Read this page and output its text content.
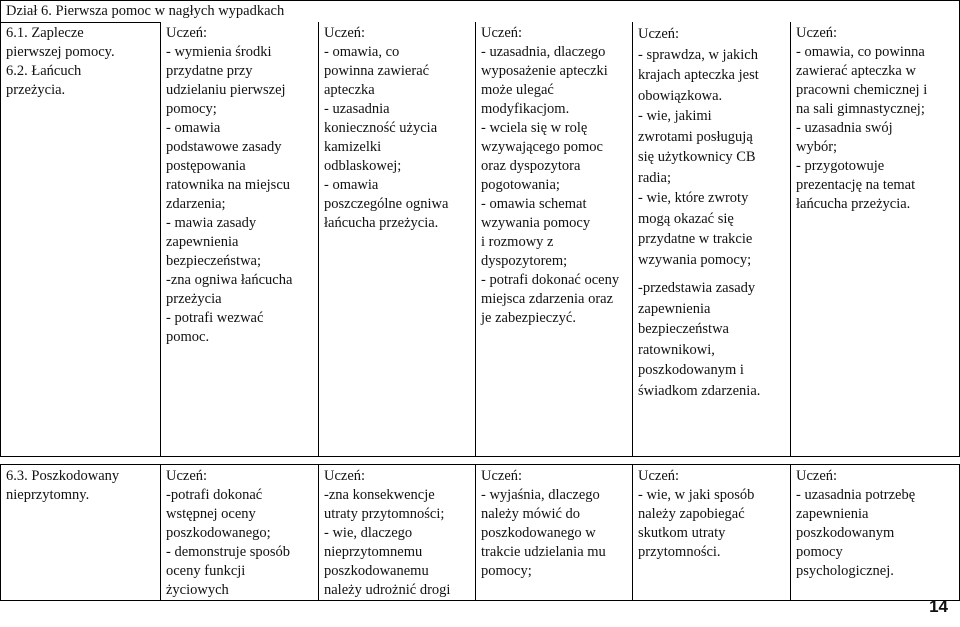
Dział 6. Pierwsza pomoc w nagłych wypadkach
6.1. Zaplecze
pierwszej pomocy.
6.2. Łańcuch
przeżycia.
Uczeń:
- wymienia środki
przydatne przy
udzielaniu pierwszej
pomocy;
- omawia
podstawowe zasady
postępowania
ratownika na miejscu
zdarzenia;
- mawia zasady
zapewnienia
bezpieczeństwa;
-zna ogniwa łańcucha
przeżycia
- potrafi wezwać
pomoc.
Uczeń:
- omawia, co
powinna zawierać
apteczka
- uzasadnia
konieczność użycia
kamizelki
odblaskowej;
- omawia
poszczególne ogniwa
łańcucha przeżycia.
Uczeń:
- uzasadnia, dlaczego
wyposażenie apteczki
może ulegać
modyfikacjom.
- wciela się w rolę
wzywającego pomoc
oraz dyspozytora
pogotowania;
- omawia schemat
wzywania pomocy
i rozmowy z
dyspozytorem;
- potrafi dokonać oceny
miejsca zdarzenia oraz
je zabezpieczyć.
Uczeń:
- sprawdza, w jakich
krajach apteczka jest
obowiązkowa.
- wie, jakimi
zwrotami posługują
się użytkownicy CB
radia;
- wie, które zwroty
mogą okazać się
przydatne w trakcie
wzywania pomocy;
-przedstawia zasady
zapewnienia
bezpieczeństwa
ratownikowi,
poszkodowanym i
świadkom zdarzenia.
Uczeń:
- omawia, co powinna
zawierać apteczka w
pracowni chemicznej i
na sali gimnastycznej;
- uzasadnia swój
wybór;
- przygotowuje
prezentację na temat
łańcucha przeżycia.
6.3. Poszkodowany
nieprzytomny.
Uczeń:
-potrafi dokonać
wstępnej oceny
poszkodowanego;
- demonstruje sposób
oceny funkcji
życiowych
Uczeń:
-zna konsekwencje
utraty przytomności;
- wie, dlaczego
nieprzytomnemu
poszkodowanemu
należy udrożnić drogi
Uczeń:
- wyjaśnia, dlaczego
należy mówić do
poszkodowanego w
trakcie udzielania mu
pomocy;
Uczeń:
- wie, w jaki sposób
należy zapobiegać
skutkom utraty
przytomności.
Uczeń:
- uzasadnia potrzebę
zapewnienia
poszkodowanym
pomocy
psychologicznej.
14
